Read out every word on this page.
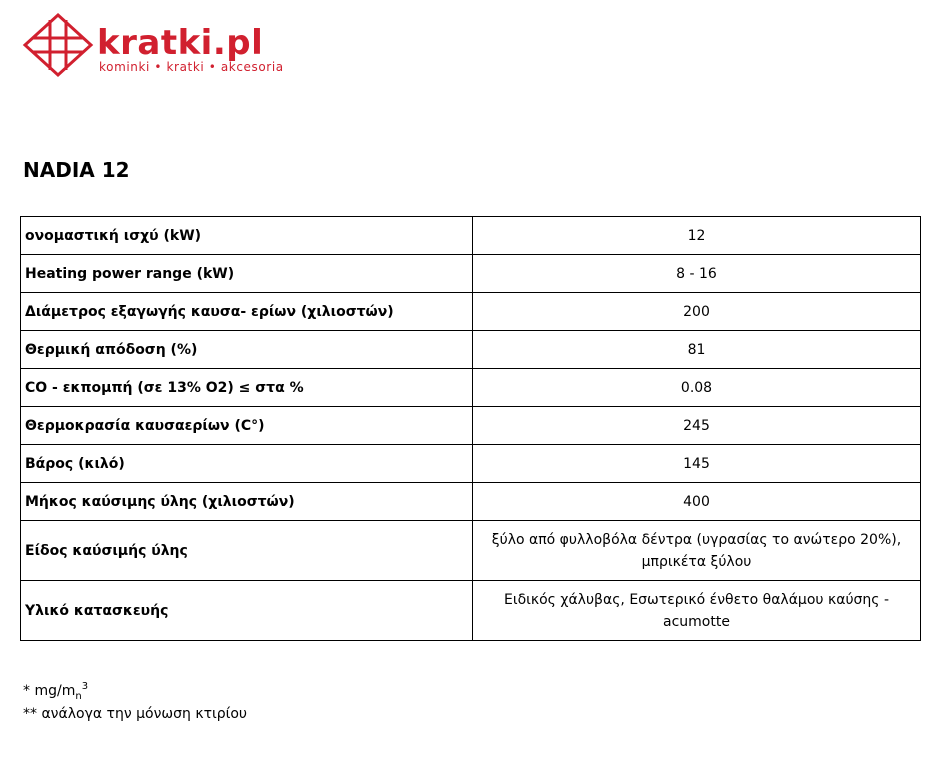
kratki.pl
kominki • kratki • akcesoria
NADIA 12
ονομαστική ισχύ (kW)	12
Heating power range (kW)	8 - 16
Διάμετρος εξαγωγής καυσα- ερίων (χιλιοστών)	200
Θερμική απόδοση (%)	81
CO - εκπομπή (σε 13% O2) ≤ στα %	0.08
Θερμοκρασία καυσαερίων (C°)	245
Βάρος (κιλό)	145
Μήκος καύσιμης ύλης (χιλιοστών)	400
Είδος καύσιμής ύλης	ξύλο από φυλλοβόλα δέντρα (υγρασίας το ανώτερο 20%), μπρικέτα ξύλου
Υλικό κατασκευής	Ειδικός χάλυβας, Εσωτερικό ένθετο θαλάμου καύσης - acumotte
* $mg/m_n^3$
** ανάλογα την μόνωση κτιρίου
